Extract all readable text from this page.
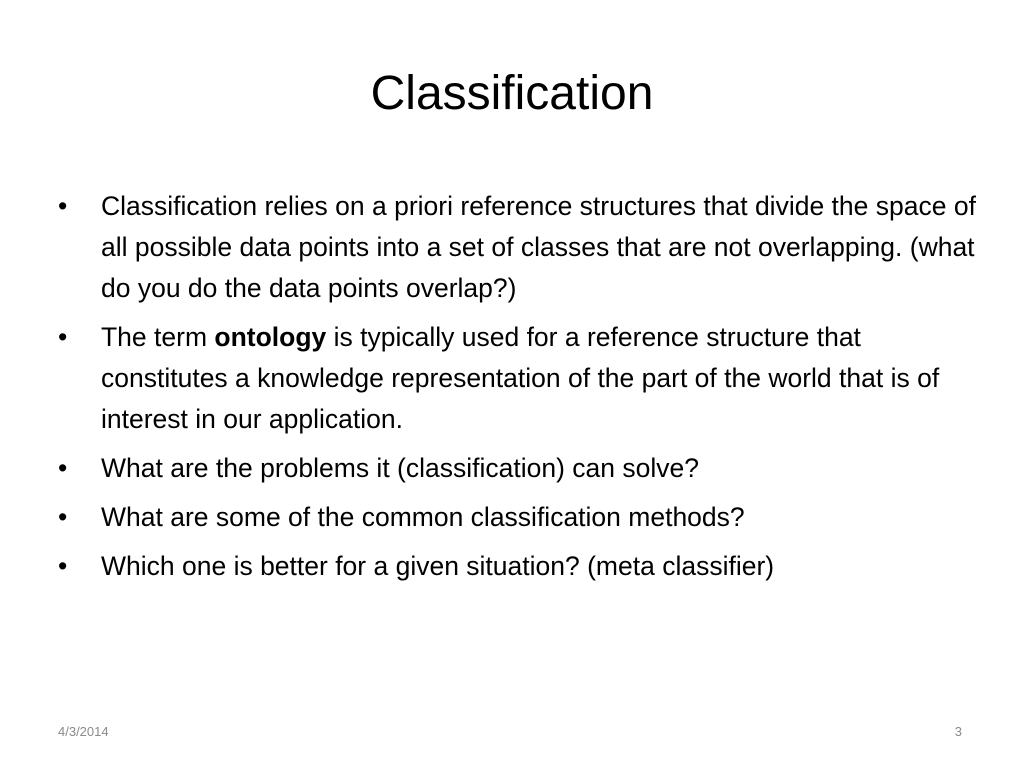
Classification
•	Classification relies on a priori reference structures that divide the space of all possible data points into a set of classes that are not overlapping. (what do you do the data points overlap?)
•	The term ontology is typically used for a reference structure that constitutes a knowledge representation of the part of the world that is of interest in our application.
•	What are the problems it (classification) can solve?
•	What are some of the common classification methods?
•	Which one is better for a given situation? (meta classifier)
4/3/2014	3
